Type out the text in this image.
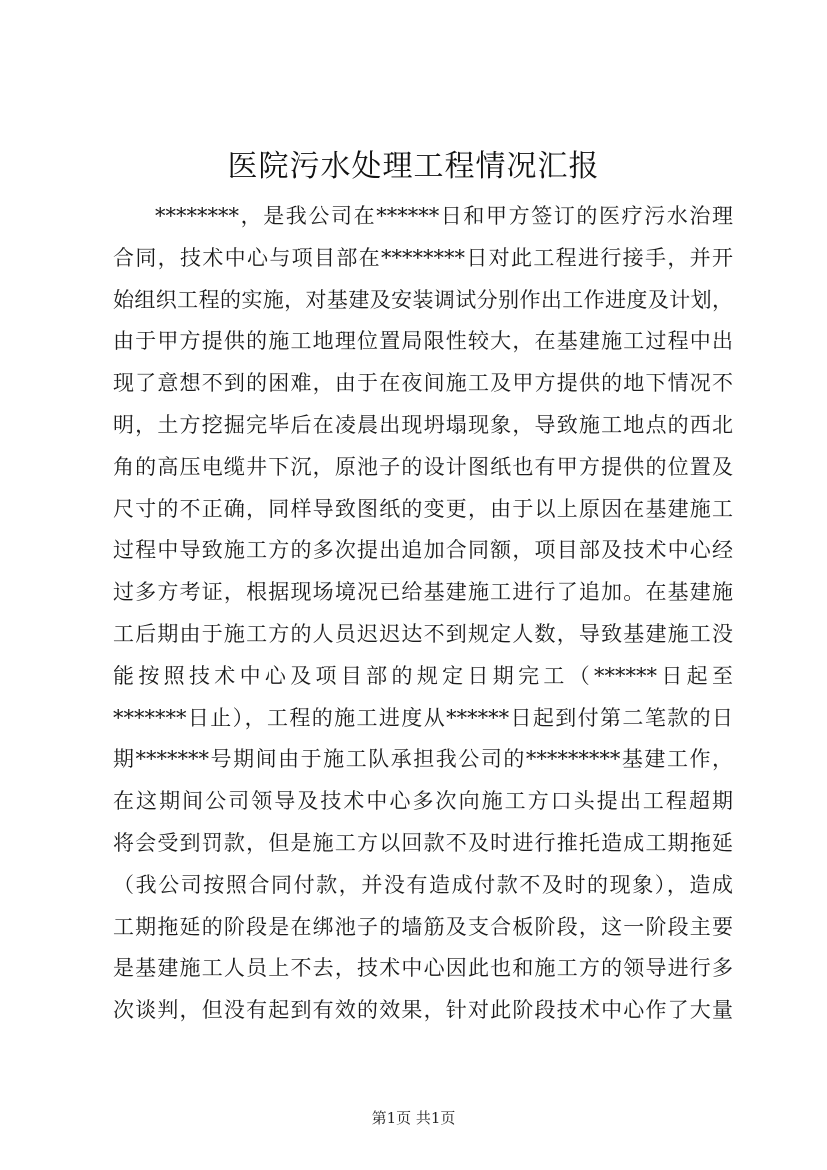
医院污水处理工程情况汇报
********，是我公司在******日和甲方签订的医疗污水治理
合同，技术中心与项目部在********日对此工程进行接手，并开
始组织工程的实施，对基建及安装调试分别作出工作进度及计划，
由于甲方提供的施工地理位置局限性较大，在基建施工过程中出
现了意想不到的困难，由于在夜间施工及甲方提供的地下情况不
明，土方挖掘完毕后在凌晨出现坍塌现象，导致施工地点的西北
角的高压电缆井下沉，原池子的设计图纸也有甲方提供的位置及
尺寸的不正确，同样导致图纸的变更，由于以上原因在基建施工
过程中导致施工方的多次提出追加合同额，项目部及技术中心经
过多方考证，根据现场境况已给基建施工进行了追加。在基建施
工后期由于施工方的人员迟迟达不到规定人数，导致基建施工没
能按照技术中心及项目部的规定日期完工（******日起至
*******日止），工程的施工进度从******日起到付第二笔款的日
期*******号期间由于施工队承担我公司的*********基建工作，
在这期间公司领导及技术中心多次向施工方口头提出工程超期
将会受到罚款，但是施工方以回款不及时进行推托造成工期拖延
（我公司按照合同付款，并没有造成付款不及时的现象），造成
工期拖延的阶段是在绑池子的墙筋及支合板阶段，这一阶段主要
是基建施工人员上不去，技术中心因此也和施工方的领导进行多
次谈判，但没有起到有效的效果，针对此阶段技术中心作了大量
第1页 共1页
